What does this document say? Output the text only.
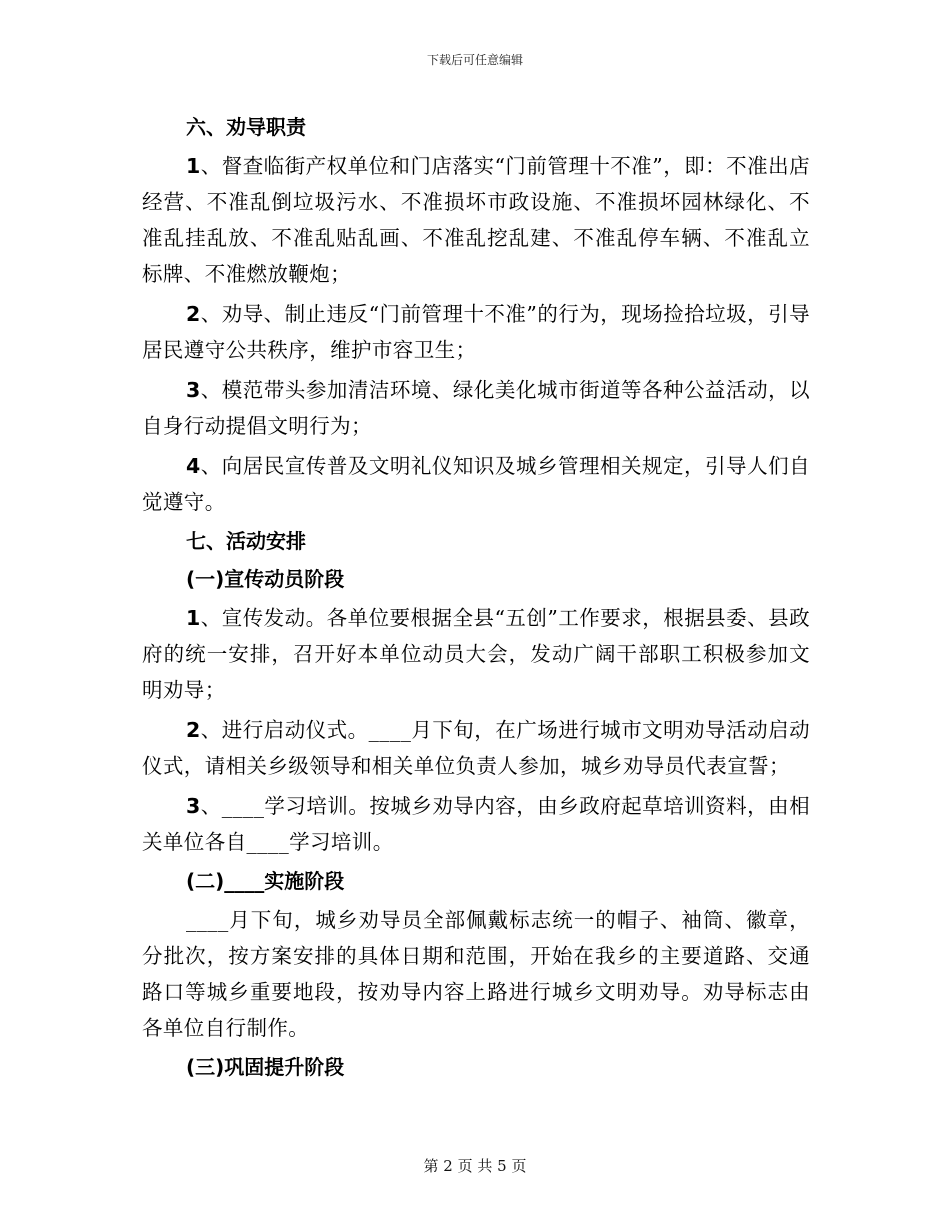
下载后可任意编辑
六、劝导职责
1、督查临街产权单位和门店落实“门前管理十不准”，即：不准出店经营、不准乱倒垃圾污水、不准损坏市政设施、不准损坏园林绿化、不准乱挂乱放、不准乱贴乱画、不准乱挖乱建、不准乱停车辆、不准乱立标牌、不准燃放鞭炮；
2、劝导、制止违反“门前管理十不准”的行为，现场捡拾垃圾，引导居民遵守公共秩序，维护市容卫生；
3、模范带头参加清洁环境、绿化美化城市街道等各种公益活动，以自身行动提倡文明行为；
4、向居民宣传普及文明礼仪知识及城乡管理相关规定，引导人们自觉遵守。
七、活动安排
(一)宣传动员阶段
1、宣传发动。各单位要根据全县“五创”工作要求，根据县委、县政府的统一安排，召开好本单位动员大会，发动广阔干部职工积极参加文明劝导；
2、进行启动仪式。____月下旬，在广场进行城市文明劝导活动启动仪式，请相关乡级领导和相关单位负责人参加，城乡劝导员代表宣誓；
3、____学习培训。按城乡劝导内容，由乡政府起草培训资料，由相关单位各自____学习培训。
(二)____实施阶段
____月下旬，城乡劝导员全部佩戴标志统一的帽子、袖筒、徽章，分批次，按方案安排的具体日期和范围，开始在我乡的主要道路、交通路口等城乡重要地段，按劝导内容上路进行城乡文明劝导。劝导标志由各单位自行制作。
(三)巩固提升阶段
第 2 页 共 5 页
